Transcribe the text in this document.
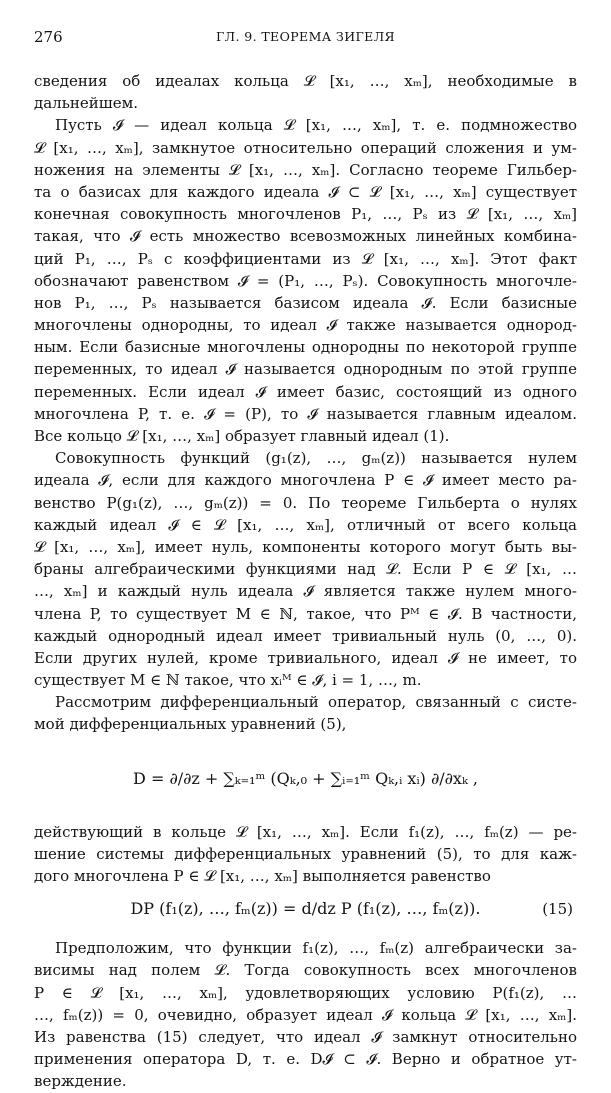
276	ГЛ. 9. ТЕОРЕМА ЗИГЕЛЯ
сведения об идеалах кольца 𝓛 [x₁, …, xₘ], необходимые в
дальнейшем.
Пусть 𝓘 — идеал кольца 𝓛 [x₁, …, xₘ], т. е. подмножество
𝓛 [x₁, …, xₘ], замкнутое относительно операций сложения и ум-
ножения на элементы 𝓛 [x₁, …, xₘ]. Согласно теореме Гильбер-
та о базисах для каждого идеала 𝓘 ⊂ 𝓛 [x₁, …, xₘ] существует
конечная совокупность многочленов P₁, …, Pₛ из 𝓛 [x₁, …, xₘ]
такая, что 𝓘 есть множество всевозможных линейных комбина-
ций P₁, …, Pₛ с коэффициентами из 𝓛 [x₁, …, xₘ]. Этот факт
обозначают равенством 𝓘 = (P₁, …, Pₛ). Совокупность многочле-
нов P₁, …, Pₛ называется базисом идеала 𝓘. Если базисные
многочлены однородны, то идеал 𝓘 также называется однород-
ным. Если базисные многочлены однородны по некоторой группе
переменных, то идеал 𝓘 называется однородным по этой группе
переменных. Если идеал 𝓘 имеет базис, состоящий из одного
многочлена P, т. е. 𝓘 = (P), то 𝓘 называется главным идеалом.
Все кольцо 𝓛 [x₁, …, xₘ] образует главный идеал (1).
Совокупность функций (g₁(z), …, gₘ(z)) называется нулем
идеала 𝓘, если для каждого многочлена P ∈ 𝓘 имеет место ра-
венство P(g₁(z), …, gₘ(z)) = 0. По теореме Гильберта о нулях
каждый идеал 𝓘 ∈ 𝓛 [x₁, …, xₘ], отличный от всего кольца
𝓛 [x₁, …, xₘ], имеет нуль, компоненты которого могут быть вы-
браны алгебраическими функциями над 𝓛. Если P ∈ 𝓛 [x₁, …
…, xₘ] и каждый нуль идеала 𝓘 является также нулем много-
члена P, то существует M ∈ ℕ, такое, что Pᴹ ∈ 𝓘. В частности,
каждый однородный идеал имеет тривиальный нуль (0, …, 0).
Если других нулей, кроме тривиального, идеал 𝓘 не имеет, то
существует M ∈ ℕ такое, что xᵢᴹ ∈ 𝓘, i = 1, …, m.
Рассмотрим дифференциальный оператор, связанный с систе-
мой дифференциальных уравнений (5),
D = ∂/∂z + ∑ₖ₌₁ᵐ (Qₖ,₀ + ∑ᵢ₌₁ᵐ Qₖ,ᵢ xᵢ) ∂/∂xₖ ,
действующий в кольце 𝓛 [x₁, …, xₘ]. Если f₁(z), …, fₘ(z) — ре-
шение системы дифференциальных уравнений (5), то для каж-
дого многочлена P ∈ 𝓛 [x₁, …, xₘ] выполняется равенство
DP (f₁(z), …, fₘ(z)) = d/dz P (f₁(z), …, fₘ(z)).	(15)
Предположим, что функции f₁(z), …, fₘ(z) алгебраически за-
висимы над полем 𝓛. Тогда совокупность всех многочленов
P ∈ 𝓛 [x₁, …, xₘ], удовлетворяющих условию P(f₁(z), …
…, fₘ(z)) = 0, очевидно, образует идеал 𝓘 кольца 𝓛 [x₁, …, xₘ].
Из равенства (15) следует, что идеал 𝓘 замкнут относительно
применения оператора D, т. е. D𝓘 ⊂ 𝓘. Верно и обратное ут-
верждение.
